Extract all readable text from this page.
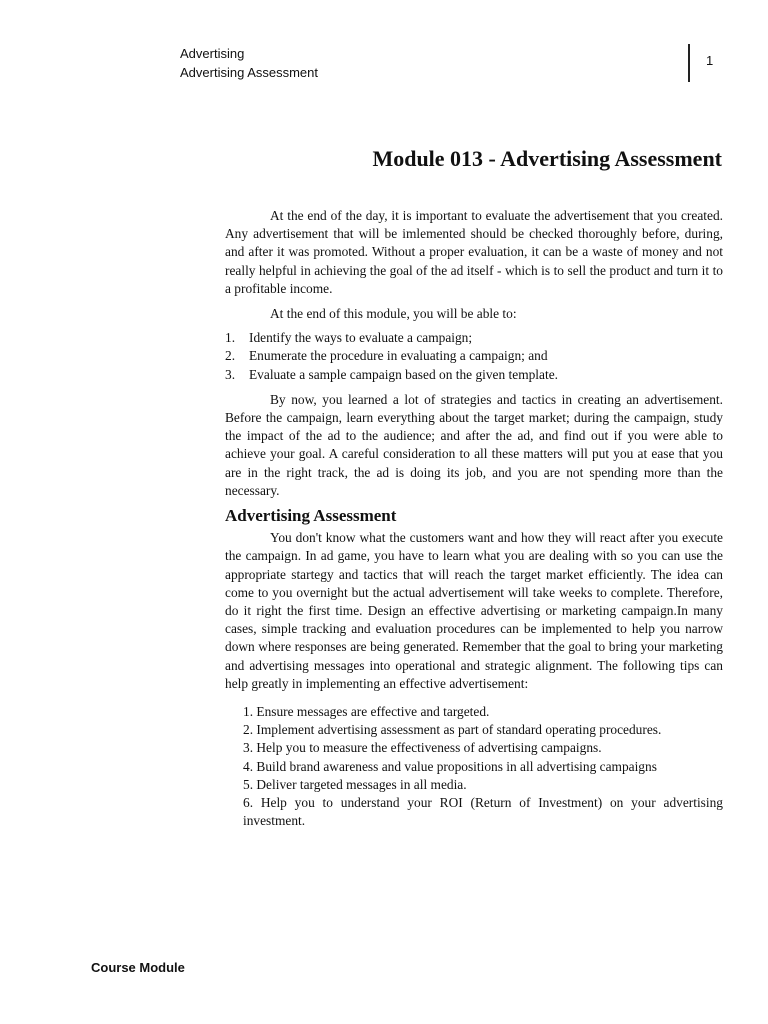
Advertising
Advertising Assessment
1
Module 013 - Advertising Assessment

At the end of the day, it is important to evaluate the advertisement that you created. Any advertisement that will be imlemented should be checked thoroughly before, during, and after it was promoted. Without a proper evaluation, it can be a waste of money and not really helpful in achieving the goal of the ad itself - which is to sell the product and turn it to a profitable income.

At the end of this module, you will be able to:

1.	Identify the ways to evaluate a campaign;
2.	Enumerate the procedure in evaluating a campaign; and
3.	Evaluate a sample campaign based on the given template.

By now, you learned a lot of strategies and tactics in creating an advertisement. Before the campaign, learn everything about the target market; during the campaign, study the impact of the ad to the audience; and after the ad, and find out if you were able to achieve your goal. A careful consideration to all these matters will put you at ease that you are in the right track, the ad is doing its job, and you are not spending more than the necessary.

Advertising Assessment

You don't know what the customers want and how they will react after you execute the campaign. In ad game, you have to learn what you are dealing with so you can use the appropriate startegy and tactics that will reach the target market efficiently. The idea can come to you overnight but the actual advertisement will take weeks to complete. Therefore, do it right the first time. Design an effective advertising or marketing campaign.In many cases, simple tracking and evaluation procedures can be implemented to help you narrow down where responses are being generated. Remember that the goal to bring your marketing and advertising messages into operational and strategic alignment. The following tips can help greatly in implementing an effective advertisement:

1. Ensure messages are effective and targeted.
2. Implement advertising assessment as part of standard operating procedures.
3. Help you to measure the effectiveness of advertising campaigns.
4. Build brand awareness and value propositions in all advertising campaigns
5. Deliver targeted messages in all media.
6. Help you to understand your ROI (Return of Investment) on your advertising investment.
Course Module
